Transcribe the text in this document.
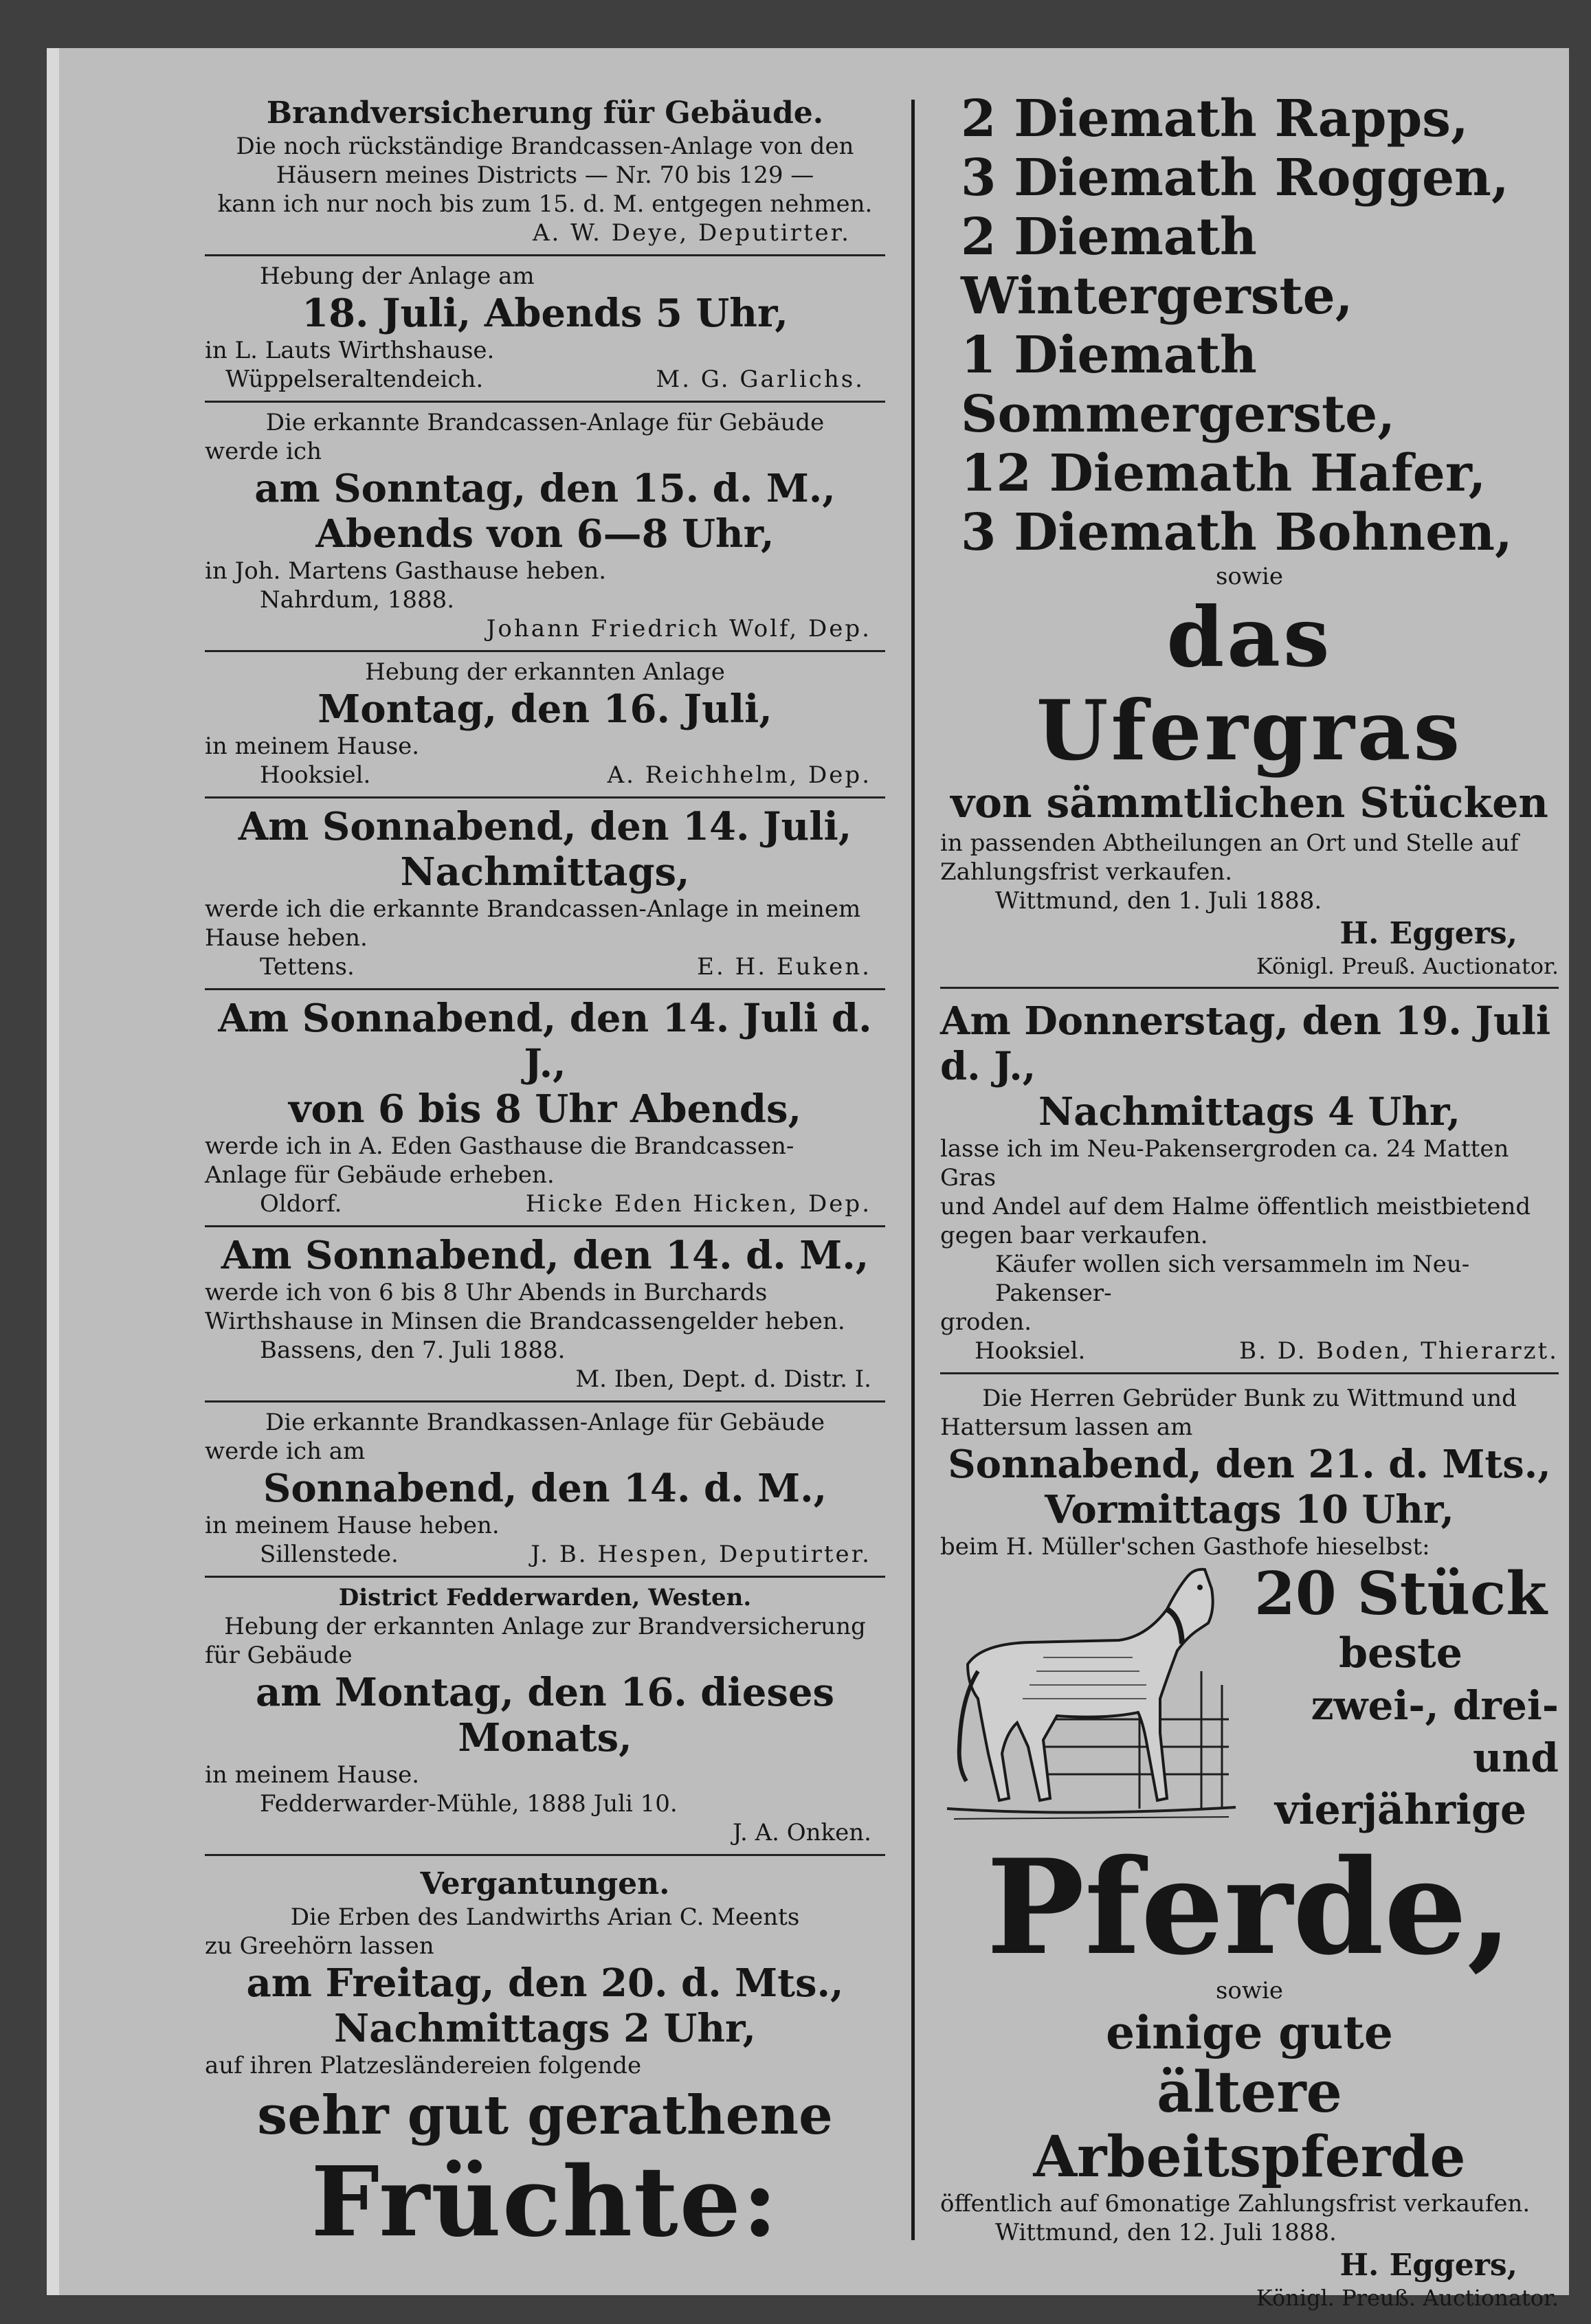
Brandversicherung für Gebäude.

Die noch rückständige Brandcassen-Anlage von den

Häusern meines Districts — Nr. 70 bis 129 —

kann ich nur noch bis zum 15. d. M. entgegen nehmen.

A. W. Deye, Deputirter.

Hebung der Anlage am

18. Juli, Abends 5 Uhr,

in L. Lauts Wirthshause.

Wüppelseraltendeich.	M. G. Garlichs.

Die erkannte Brandcassen-Anlage für Gebäude

werde ich

am Sonntag, den 15. d. M.,

Abends von 6—8 Uhr,

in Joh. Martens Gasthause heben.

Nahrdum, 1888.

Johann Friedrich Wolf, Dep.

Hebung der erkannten Anlage

Montag, den 16. Juli,

in meinem Hause.

Hooksiel.	A. Reichhelm, Dep.

Am Sonnabend, den 14. Juli,

Nachmittags,

werde ich die erkannte Brandcassen-Anlage in meinem

Hause heben.

Tettens.	E. H. Euken.

Am Sonnabend, den 14. Juli d. J.,

von 6 bis 8 Uhr Abends,

werde ich in A. Eden Gasthause die Brandcassen-

Anlage für Gebäude erheben.

Oldorf.	Hicke Eden Hicken, Dep.

Am Sonnabend, den 14. d. M.,

werde ich von 6 bis 8 Uhr Abends in Burchards

Wirthshause in Minsen die Brandcassengelder heben.

Bassens, den 7. Juli 1888.

M. Iben, Dept. d. Distr. I.

Die erkannte Brandkassen-Anlage für Gebäude

werde ich am

Sonnabend, den 14. d. M.,

in meinem Hause heben.

Sillenstede.	J. B. Hespen, Deputirter.

District Fedderwarden, Westen.

Hebung der erkannten Anlage zur Brandversicherung

für Gebäude

am Montag, den 16. dieses Monats,

in meinem Hause.

Fedderwarder-Mühle, 1888 Juli 10.

J. A. Onken.

Vergantungen.

Die Erben des Landwirths Arian C. Meents

zu Greehörn lassen

am Freitag, den 20. d. Mts.,

Nachmittags 2 Uhr,

auf ihren Platzesländereien folgende

sehr gut gerathene

Früchte:

2 Diemath Rapps,

3 Diemath Roggen,

2 Diemath Wintergerste,

1 Diemath Sommergerste,

12 Diemath Hafer,

3 Diemath Bohnen,

sowie

das Ufergras

von sämmtlichen Stücken

in passenden Abtheilungen an Ort und Stelle auf

Zahlungsfrist verkaufen.

Wittmund, den 1. Juli 1888.

H. Eggers,

Königl. Preuß. Auctionator.

Am Donnerstag, den 19. Juli d. J.,

Nachmittags 4 Uhr,

lasse ich im Neu-Pakensergroden ca. 24 Matten Gras

und Andel auf dem Halme öffentlich meistbietend

gegen baar verkaufen.

Käufer wollen sich versammeln im Neu-Pakenser-

groden.

Hooksiel.	B. D. Boden, Thierarzt.

Die Herren Gebrüder Bunk zu Wittmund und

Hattersum lassen am

Sonnabend, den 21. d. Mts.,

Vormittags 10 Uhr,

beim H. Müller'schen Gasthofe hieselbst:

20 Stück

beste

zwei-, drei- und

vierjährige

Pferde,

sowie

einige gute

ältere Arbeitspferde

öffentlich auf 6monatige Zahlungsfrist verkaufen.

Wittmund, den 12. Juli 1888.

H. Eggers,

Königl. Preuß. Auctionator.
